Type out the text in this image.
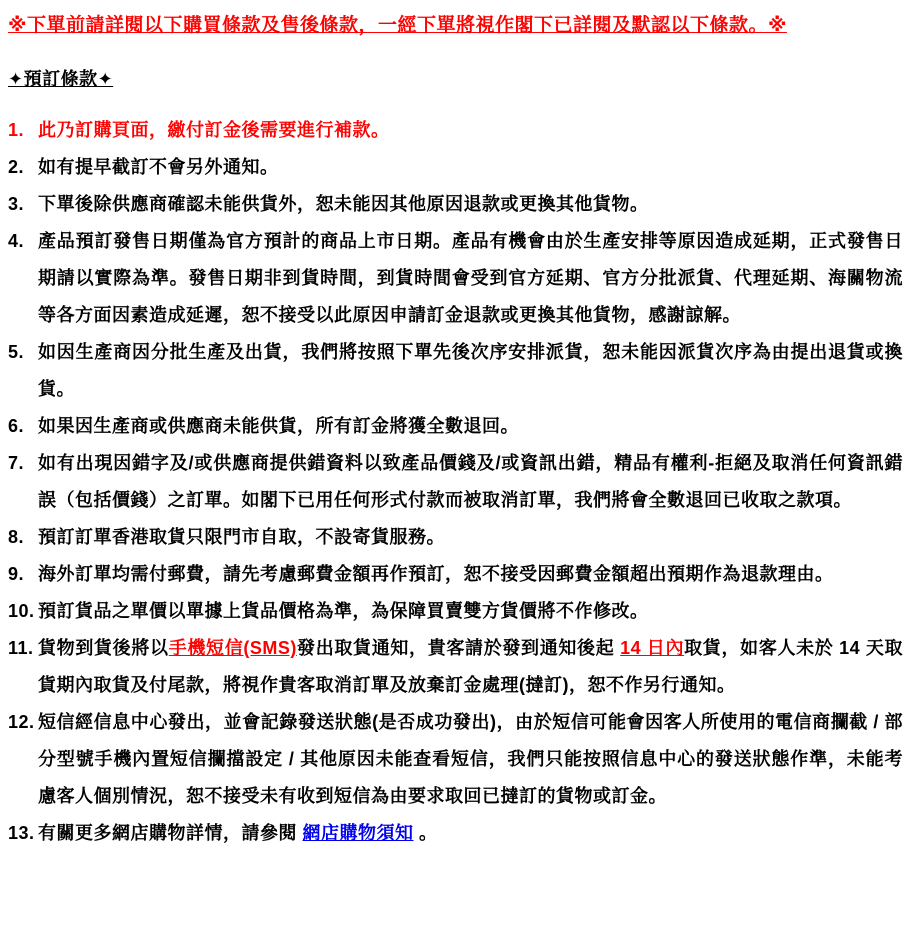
※下單前請詳閱以下購買條款及售後條款，一經下單將視作閣下已詳閱及默認以下條款。※
✦預訂條款✦
1. 此乃訂購頁面，繳付訂金後需要進行補款。
2. 如有提早截訂不會另外通知。
3. 下單後除供應商確認未能供貨外，恕未能因其他原因退款或更換其他貨物。
4. 產品預訂發售日期僅為官方預計的商品上市日期。產品有機會由於生產安排等原因造成延期，正式發售日期請以實際為準。發售日期非到貨時間，到貨時間會受到官方延期、官方分批派貨、代理延期、海關物流等各方面因素造成延遲，恕不接受以此原因申請訂金退款或更換其他貨物，感謝諒解。
5. 如因生產商因分批生產及出貨，我們將按照下單先後次序安排派貨，恕未能因派貨次序為由提出退貨或換貨。
6. 如果因生產商或供應商未能供貨，所有訂金將獲全數退回。
7. 如有出現因錯字及/或供應商提供錯資料以致產品價錢及/或資訊出錯，精品有權利-拒絕及取消任何資訊錯誤（包括價錢）之訂單。如閣下已用任何形式付款而被取消訂單，我們將會全數退回已收取之款項。
8. 預訂訂單香港取貨只限門市自取，不設寄貨服務。
9. 海外訂單均需付郵費，請先考慮郵費金額再作預訂，恕不接受因郵費金額超出預期作為退款理由。
10. 預訂貨品之單價以單據上貨品價格為準，為保障買賣雙方貨價將不作修改。
11. 貨物到貨後將以手機短信(SMS)發出取貨通知，貴客請於發到通知後起 14 日內取貨，如客人未於 14 天取貨期內取貨及付尾款，將視作貴客取消訂單及放棄訂金處理(撻訂)，恕不作另行通知。
12. 短信經信息中心發出，並會記錄發送狀態(是否成功發出)，由於短信可能會因客人所使用的電信商攔截 / 部分型號手機內置短信攔擋設定 / 其他原因未能查看短信，我們只能按照信息中心的發送狀態作準，未能考慮客人個別情況，恕不接受未有收到短信為由要求取回已撻訂的貨物或訂金。
13. 有關更多網店購物詳情，請參閱 網店購物須知 。
